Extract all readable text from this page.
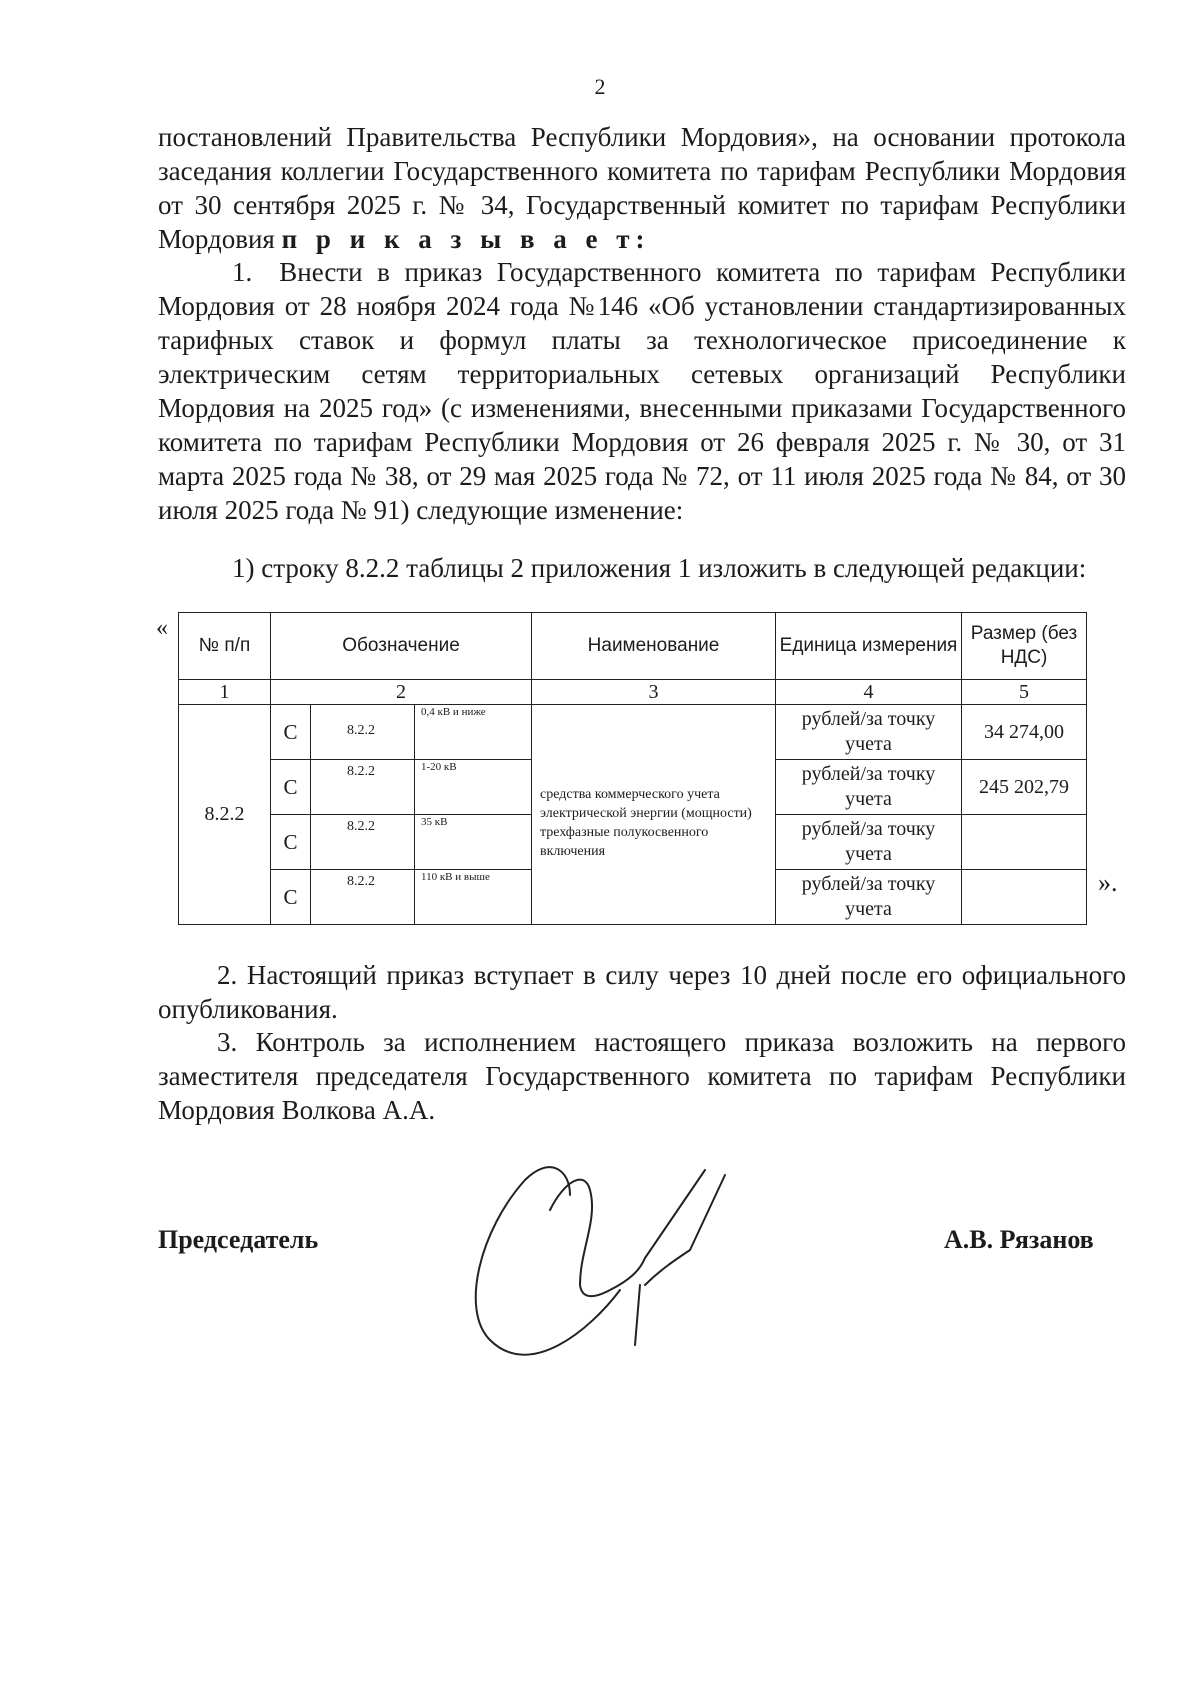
2

постановлений Правительства Республики Мордовия», на основании протокола заседания коллегии Государственного комитета по тарифам Республики Мордовия от 30 сентября 2025 г. № 34, Государственный комитет по тарифам Республики Мордовия п р и к а з ы в а е т:

1. Внести в приказ Государственного комитета по тарифам Республики Мордовия от 28 ноября 2024 года №146 «Об установлении стандартизированных тарифных ставок и формул платы за технологическое присоединение к электрическим сетям территориальных сетевых организаций Республики Мордовия на 2025 год» (с изменениями, внесенными приказами Государственного комитета по тарифам Республики Мордовия от 26 февраля 2025 г. № 30, от 31 марта 2025 года № 38, от 29 мая 2025 года № 72, от 11 июля 2025 года № 84, от 30 июля 2025 года № 91) следующие изменение:

1) строку 8.2.2 таблицы 2 приложения 1 изложить в следующей редакции:

«
№ п/п	Обозначение			Наименование	Единица измерения	Размер (без НДС)
1	2			3	4	5
8.2.2	С	8.2.2	0,4 кВ и ниже	средства коммерческого учета электрической энергии (мощности) трехфазные полукосвенного включения	рублей/за точку учета	34 274,00
	С	8.2.2	1-20 кВ		рублей/за точку учета	245 202,79
	С	8.2.2	35 кВ		рублей/за точку учета	
	С	8.2.2	110 кВ и выше		рублей/за точку учета	
».

2. Настоящий приказ вступает в силу через 10 дней после его официального опубликования.

3. Контроль за исполнением настоящего приказа возложить на первого заместителя председателя Государственного комитета по тарифам Республики Мордовия Волкова А.А.

Председатель	А.В. Рязанов
